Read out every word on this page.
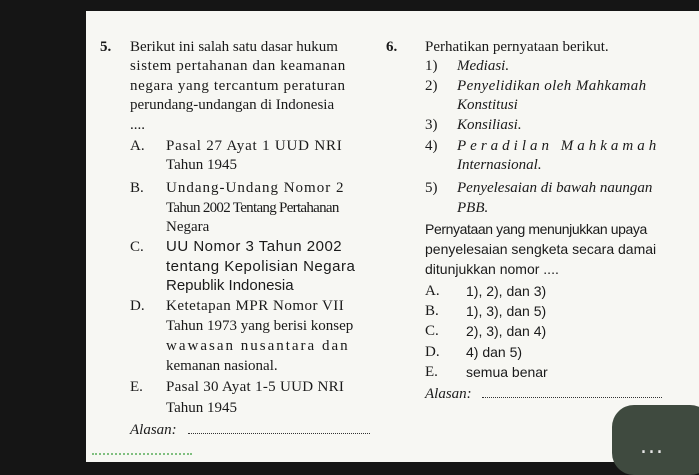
5. Berikut ini salah satu dasar hukum
sistem pertahanan dan keamanan
negara yang tercantum peraturan
perundang-undangan di Indonesia
....
A. Pasal 27 Ayat 1 UUD NRI
Tahun 1945
B. Undang-Undang Nomor 2
Tahun 2002 Tentang Pertahanan
Negara
C. UU Nomor 3 Tahun 2002
tentang Kepolisian Negara
Republik Indonesia
D. Ketetapan MPR Nomor VII
Tahun 1973 yang berisi konsep
wawasan nusantara dan
kemanan nasional.
E. Pasal 30 Ayat 1-5 UUD NRI
Tahun 1945
Alasan:
6. Perhatikan pernyataan berikut.
1) Mediasi.
2) Penyelidikan oleh Mahkamah
Konstitusi
3) Konsiliasi.
4) Peradilan Mahkamah
Internasional.
5) Penyelesaian di bawah naungan
PBB.
Pernyataan yang menunjukkan upaya
penyelesaian sengketa secara damai
ditunjukkan nomor ....
A. 1), 2), dan 3)
B. 1), 3), dan 5)
C. 2), 3), dan 4)
D. 4) dan 5)
E. semua benar
Alasan:
...
